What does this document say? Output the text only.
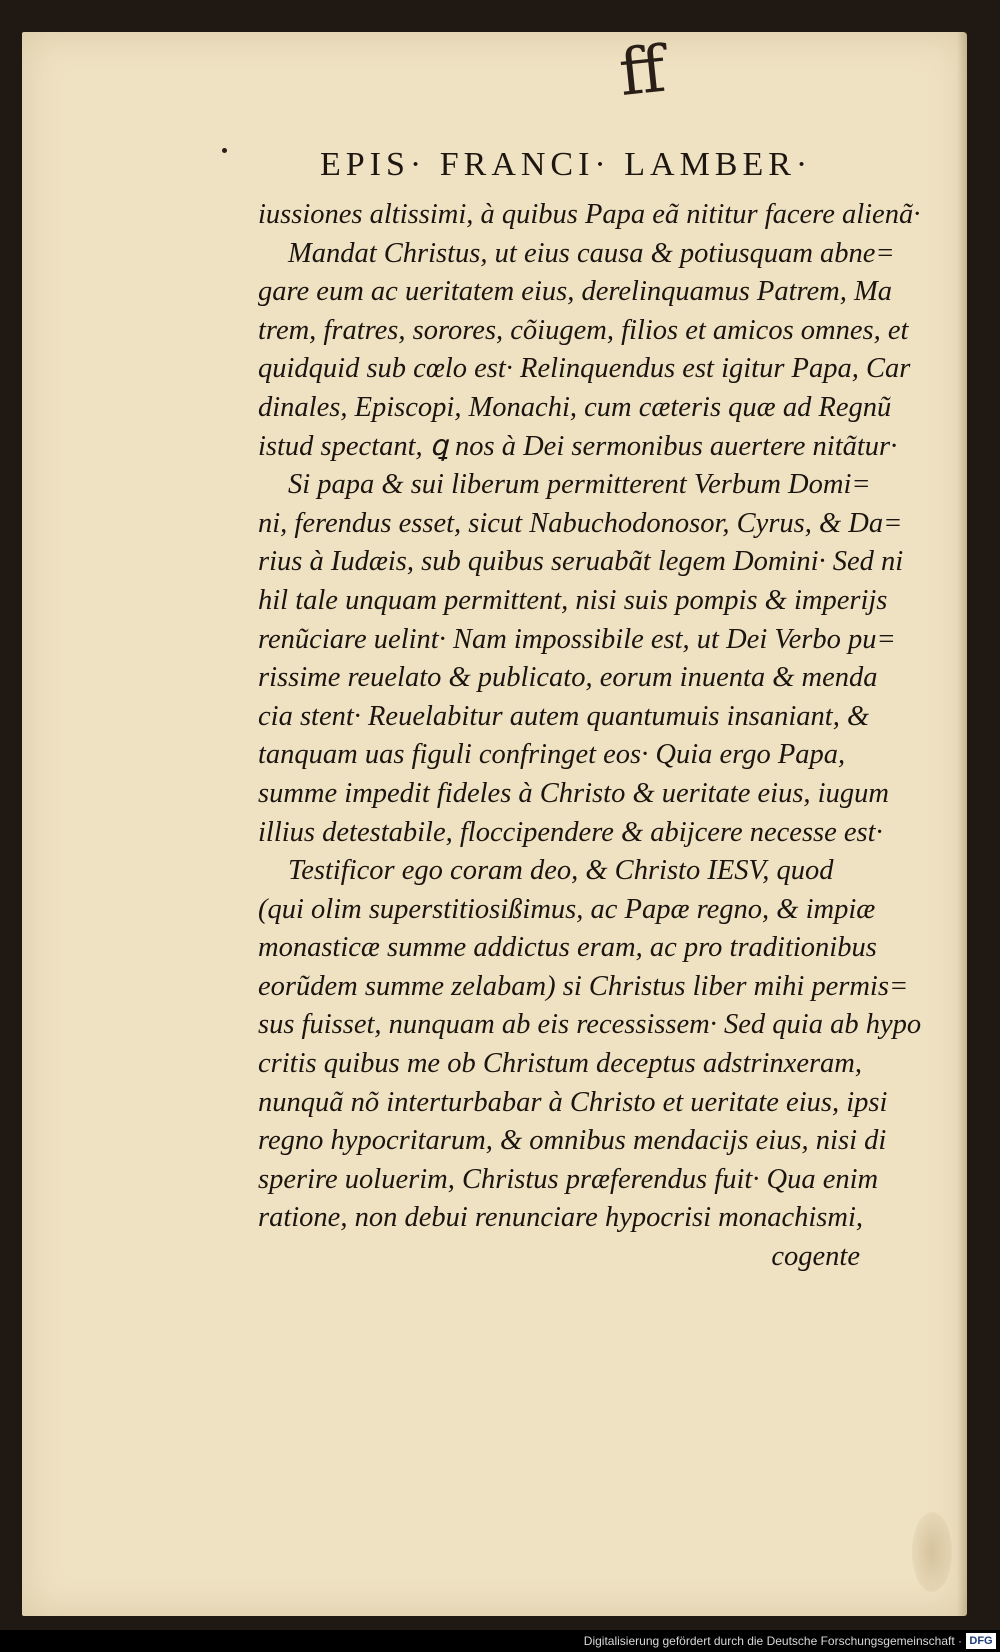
ff
EPIS· FRANCI· LAMBER·
iussiones altissimi, à quibus Papa eã nititur facere alienã·
Mandat Christus, ut eius causa & potiusquam abne=
gare eum ac ueritatem eius, derelinquamus Patrem, Ma
trem, fratres, sorores, cõiugem, filios et amicos omnes, et
quidquid sub cœlo est· Relinquendus est igitur Papa, Car
dinales, Episcopi, Monachi, cum cæteris quæ ad Regnũ
istud spectant, ꝗ nos à Dei sermonibus auertere nitãtur·
Si papa & sui liberum permitterent Verbum Domi=
ni, ferendus esset, sicut Nabuchodonosor, Cyrus, & Da=
rius à Iudæis, sub quibus seruabãt legem Domini· Sed ni
hil tale unquam permittent, nisi suis pompis & imperijs
renũciare uelint· Nam impossibile est, ut Dei Verbo pu=
rissime reuelato & publicato, eorum inuenta & menda
cia stent· Reuelabitur autem quantumuis insaniant, &
tanquam uas figuli confringet eos· Quia ergo Papa,
summe impedit fideles à Christo & ueritate eius, iugum
illius detestabile, floccipendere & abijcere necesse est·
Testificor ego coram deo, & Christo IESV, quod
(qui olim superstitiosißimus, ac Papæ regno, & impiæ
monasticæ summe addictus eram, ac pro traditionibus
eorũdem summe zelabam) si Christus liber mihi permis=
sus fuisset, nunquam ab eis recessissem· Sed quia ab hypo
critis quibus me ob Christum deceptus adstrinxeram,
nunquã nõ interturbabar à Christo et ueritate eius, ipsi
regno hypocritarum, & omnibus mendacijs eius, nisi di
sperire uoluerim, Christus præferendus fuit· Qua enim
ratione, non debui renunciare hypocrisi monachismi,
cogente
Digitalisierung gefördert durch die Deutsche Forschungsgemeinschaft · DFG
